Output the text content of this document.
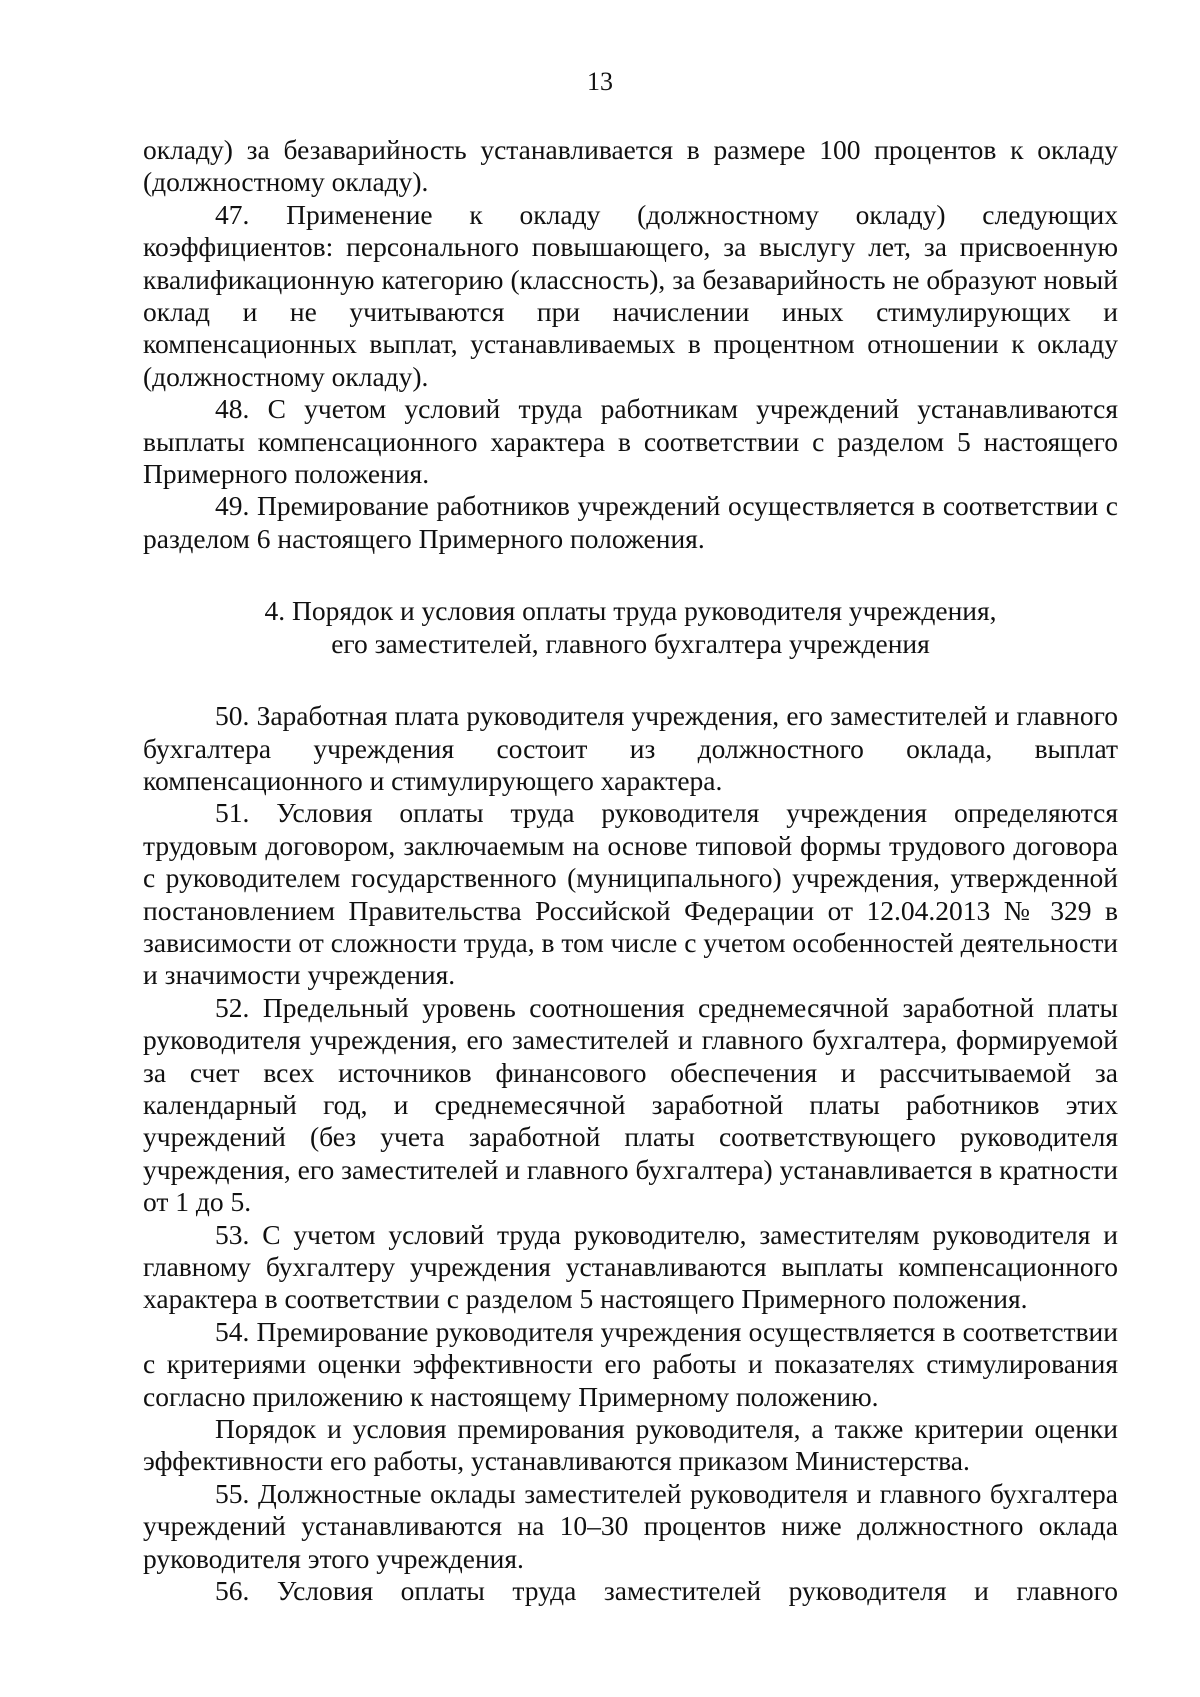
13

окладу) за безаварийность устанавливается в размере 100 процентов к окладу (должностному окладу).

47. Применение к окладу (должностному окладу) следующих коэффициентов: персонального повышающего, за выслугу лет, за присвоенную квалификационную категорию (классность), за безаварийность не образуют новый оклад и не учитываются при начислении иных стимулирующих и компенсационных выплат, устанавливаемых в процентном отношении к окладу (должностному окладу).

48. С учетом условий труда работникам учреждений устанавливаются выплаты компенсационного характера в соответствии с разделом 5 настоящего Примерного положения.

49. Премирование работников учреждений осуществляется в соответствии с разделом 6 настоящего Примерного положения.

4. Порядок и условия оплаты труда руководителя учреждения,
его заместителей, главного бухгалтера учреждения

50. Заработная плата руководителя учреждения, его заместителей и главного бухгалтера учреждения состоит из должностного оклада, выплат компенсационного и стимулирующего характера.

51. Условия оплаты труда руководителя учреждения определяются трудовым договором, заключаемым на основе типовой формы трудового договора с руководителем государственного (муниципального) учреждения, утвержденной постановлением Правительства Российской Федерации от 12.04.2013 № 329 в зависимости от сложности труда, в том числе с учетом особенностей деятельности и значимости учреждения.

52. Предельный уровень соотношения среднемесячной заработной платы руководителя учреждения, его заместителей и главного бухгалтера, формируемой за счет всех источников финансового обеспечения и рассчитываемой за календарный год, и среднемесячной заработной платы работников этих учреждений (без учета заработной платы соответствующего руководителя учреждения, его заместителей и главного бухгалтера) устанавливается в кратности от 1 до 5.

53. С учетом условий труда руководителю, заместителям руководителя и главному бухгалтеру учреждения устанавливаются выплаты компенсационного характера в соответствии с разделом 5 настоящего Примерного положения.

54. Премирование руководителя учреждения осуществляется в соответствии с критериями оценки эффективности его работы и показателях стимулирования согласно приложению к настоящему Примерному положению.

Порядок и условия премирования руководителя, а также критерии оценки эффективности его работы, устанавливаются приказом Министерства.

55. Должностные оклады заместителей руководителя и главного бухгалтера учреждений устанавливаются на 10–30 процентов ниже должностного оклада руководителя этого учреждения.

56. Условия оплаты труда заместителей руководителя и главного
